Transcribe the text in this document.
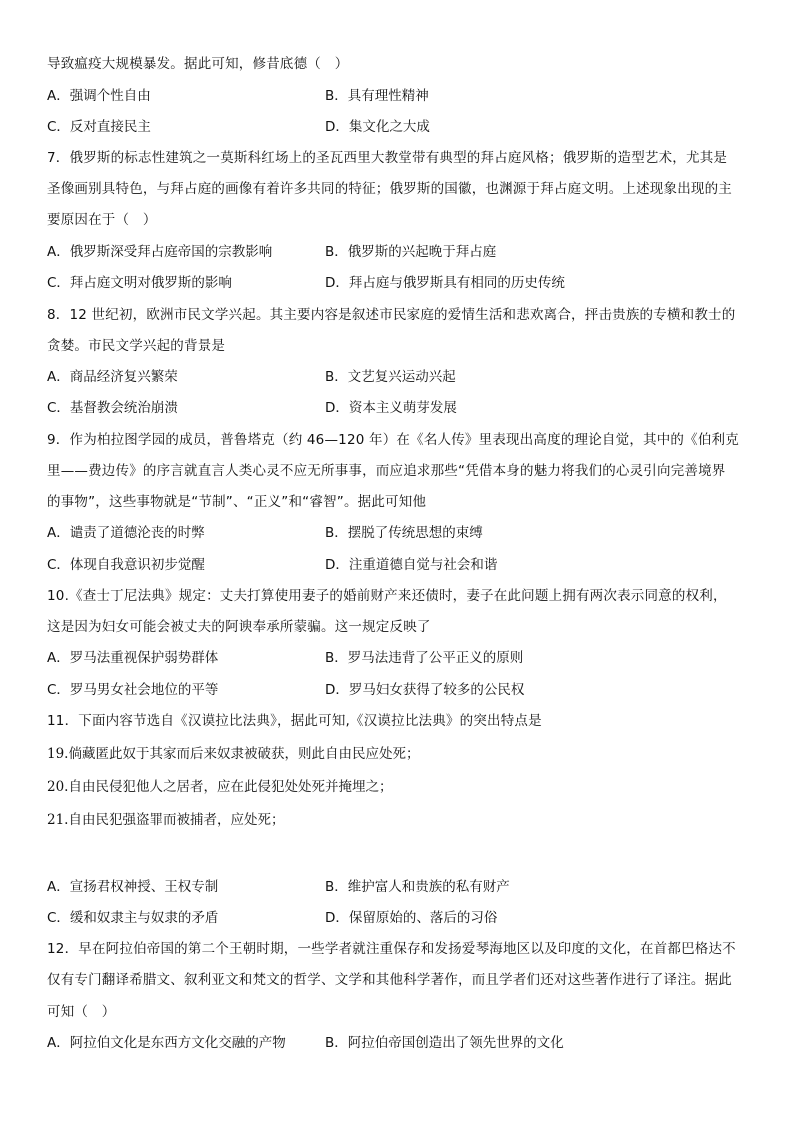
导致瘟疫大规模暴发。据此可知，修昔底德（　）
A．强调个性自由	B．具有理性精神
C．反对直接民主	D．集文化之大成
7．俄罗斯的标志性建筑之一莫斯科红场上的圣瓦西里大教堂带有典型的拜占庭风格；俄罗斯的造型艺术，尤其是
圣像画别具特色，与拜占庭的画像有着许多共同的特征；俄罗斯的国徽，也渊源于拜占庭文明。上述现象出现的主
要原因在于（　）
A．俄罗斯深受拜占庭帝国的宗教影响	B．俄罗斯的兴起晚于拜占庭
C．拜占庭文明对俄罗斯的影响	D．拜占庭与俄罗斯具有相同的历史传统
8．12 世纪初，欧洲市民文学兴起。其主要内容是叙述市民家庭的爱情生活和悲欢离合，抨击贵族的专横和教士的
贪婪。市民文学兴起的背景是
A．商品经济复兴繁荣	B．文艺复兴运动兴起
C．基督教会统治崩溃	D．资本主义萌芽发展
9．作为柏拉图学园的成员，普鲁塔克（约 46—120 年）在《名人传》里表现出高度的理论自觉，其中的《伯利克
里——费边传》的序言就直言人类心灵不应无所事事，而应追求那些“凭借本身的魅力将我们的心灵引向完善境界
的事物”，这些事物就是“节制”、“正义”和“睿智”。据此可知他
A．谴责了道德沦丧的时弊	B．摆脱了传统思想的束缚
C．体现自我意识初步觉醒	D．注重道德自觉与社会和谐
10.《查士丁尼法典》规定：丈夫打算使用妻子的婚前财产来还债时，妻子在此问题上拥有两次表示同意的权利，
这是因为妇女可能会被丈夫的阿谀奉承所蒙骗。这一规定反映了
A．罗马法重视保护弱势群体	B．罗马法违背了公平正义的原则
C．罗马男女社会地位的平等	D．罗马妇女获得了较多的公民权
11．下面内容节选自《汉谟拉比法典》，据此可知,《汉谟拉比法典》的突出特点是
19.倘藏匿此奴于其家而后来奴隶被破获，则此自由民应处死；
20.自由民侵犯他人之居者，应在此侵犯处处死并掩埋之；
21.自由民犯强盗罪而被捕者，应处死；
A．宣扬君权神授、王权专制	B．维护富人和贵族的私有财产
C．缓和奴隶主与奴隶的矛盾	D．保留原始的、落后的习俗
12．早在阿拉伯帝国的第二个王朝时期，一些学者就注重保存和发扬爱琴海地区以及印度的文化，在首都巴格达不
仅有专门翻译希腊文、叙利亚文和梵文的哲学、文学和其他科学著作，而且学者们还对这些著作进行了译注。据此
可知（　）
A．阿拉伯文化是东西方文化交融的产物	B．阿拉伯帝国创造出了领先世界的文化
